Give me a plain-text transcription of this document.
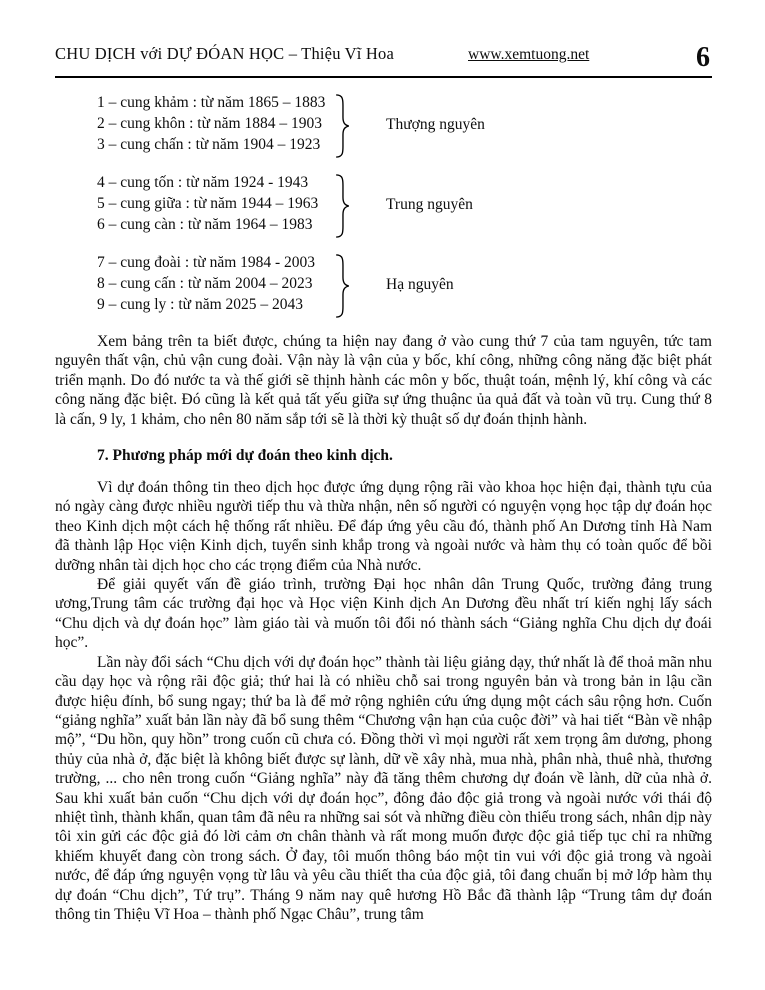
CHU DỊCH với DỰ ĐÓAN HỌC – Thiệu Vĩ Hoa	www.xemtuong.net	6
1 – cung khảm : từ năm 1865 – 1883
2 – cung khôn : từ năm 1884 – 1903
3 – cung chấn : từ năm 1904 – 1923
Thượng nguyên
4 – cung tốn : từ năm 1924 - 1943
5 – cung giữa : từ năm 1944 – 1963
6 – cung càn : từ năm 1964 – 1983
Trung nguyên
7 – cung đoài : từ năm 1984 - 2003
8 – cung cấn : từ năm 2004 – 2023
9 – cung ly : từ năm 2025 – 2043
Hạ nguyên

Xem bảng trên ta biết được, chúng ta hiện nay đang ở vào cung thứ 7 của tam nguyên, tức tam nguyên thất vận, chủ vận cung đoài. Vận này là vận của y bốc, khí công, những công năng đặc biệt phát triển mạnh. Do đó nước ta và thế giới sẽ thịnh hành các môn y bốc, thuật toán, mệnh lý, khí công và các công năng đặc biệt. Đó cũng là kết quả tất yếu giữa sự ứng thuậnc ủa quả đất và toàn vũ trụ. Cung thứ 8 là cấn, 9 ly, 1 khảm, cho nên 80 năm sắp tới sẽ là thời kỳ thuật số dự đoán thịnh hành.

7. Phương pháp mới dự đoán theo kinh dịch.

Vì dự đoán thông tin theo dịch học được ứng dụng rộng rãi vào khoa học hiện đại, thành tựu của nó ngày càng được nhiều người tiếp thu và thừa nhận, nên số người có nguyện vọng học tập dự đoán học theo Kinh dịch một cách hệ thống rất nhiều. Để đáp ứng yêu cầu đó, thành phố An Dương tỉnh Hà Nam đã thành lập Học viện Kinh dịch, tuyển sinh khắp trong và ngoài nước và hàm thụ có toàn quốc để bồi dưỡng nhân tài dịch học cho các trọng điểm của Nhà nước.

Để giải quyết vấn đề giáo trình, trường Đại học nhân dân Trung Quốc, trường đảng trung ương,Trung tâm các trường đại học và Học viện Kinh dịch An Dương đều nhất trí kiến nghị lấy sách “Chu dịch và dự đoán học” làm giáo tài và muốn tôi đổi nó thành sách “Giảng nghĩa Chu dịch dự đoái học”.

Lần này đổi sách “Chu dịch với dự đoán học” thành tài liệu giảng dạy, thứ nhất là để thoả mãn nhu cầu dạy học và rộng rãi độc giả; thứ hai là có nhiều chỗ sai trong nguyên bản và trong bản in lậu cần được hiệu đính, bổ sung ngay; thứ ba là để mở rộng nghiên cứu ứng dụng một cách sâu rộng hơn. Cuốn “giảng nghĩa” xuất bản lần này đã bổ sung thêm “Chương vận hạn của cuộc đời” và hai tiết “Bàn về nhập mộ”, “Du hồn, quy hồn” trong cuốn cũ chưa có. Đồng thời vì mọi người rất xem trọng âm dương, phong thủy của nhà ở, đặc biệt là không biết được sự lành, dữ về xây nhà, mua nhà, phân nhà, thuê nhà, thương trường, ... cho nên trong cuốn “Giảng nghĩa” này đã tăng thêm chương dự đoán về lành, dữ của nhà ở. Sau khi xuất bản cuốn “Chu dịch với dự đoán học”, đông đảo độc giả trong và ngoài nước với thái độ nhiệt tình, thành khẩn, quan tâm đã nêu ra những sai sót và những điều còn thiếu trong sách, nhân dịp này tôi xin gửi các độc giả đó lời cảm ơn chân thành và rất mong muốn được độc giả tiếp tục chỉ ra những khiếm khuyết đang còn trong sách. Ở đay, tôi muốn thông báo một tin vui với độc giả trong và ngoài nước, để đáp ứng nguyện vọng từ lâu và yêu cầu thiết tha của độc giả, tôi đang chuẩn bị mở lớp hàm thụ dự đoán “Chu dịch”, Tứ trụ”. Tháng 9 năm nay quê hương Hồ Bắc đã thành lập “Trung tâm dự đoán thông tin Thiệu Vĩ Hoa – thành phố Ngạc Châu”, trung tâm
